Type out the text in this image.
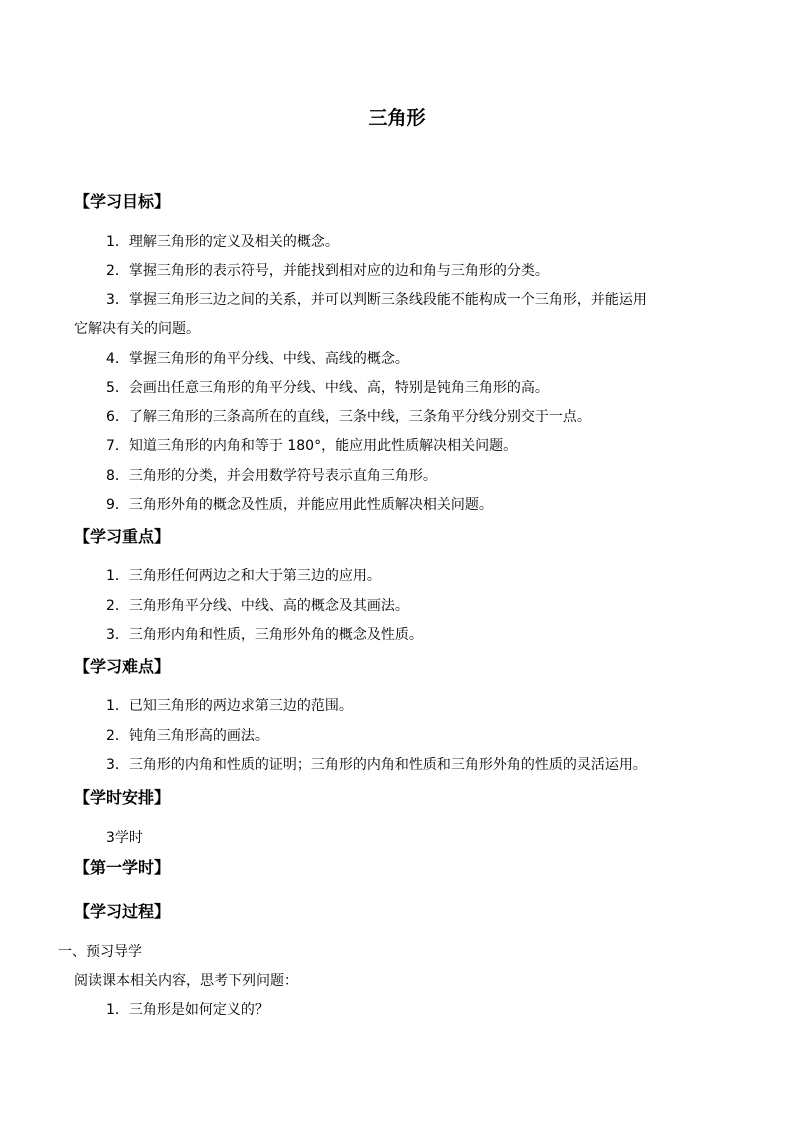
三角形
【学习目标】

1．理解三角形的定义及相关的概念。

2．掌握三角形的表示符号，并能找到相对应的边和角与三角形的分类。

3．掌握三角形三边之间的关系，并可以判断三条线段能不能构成一个三角形，并能运用

它解决有关的问题。

4．掌握三角形的角平分线、中线、高线的概念。

5．会画出任意三角形的角平分线、中线、高，特别是钝角三角形的高。

6．了解三角形的三条高所在的直线，三条中线，三条角平分线分别交于一点。

7．知道三角形的内角和等于 180°，能应用此性质解决相关问题。

8．三角形的分类，并会用数学符号表示直角三角形。

9．三角形外角的概念及性质，并能应用此性质解决相关问题。

【学习重点】

1．三角形任何两边之和大于第三边的应用。

2．三角形角平分线、中线、高的概念及其画法。

3．三角形内角和性质，三角形外角的概念及性质。

【学习难点】

1．已知三角形的两边求第三边的范围。

2．钝角三角形高的画法。

3．三角形的内角和性质的证明；三角形的内角和性质和三角形外角的性质的灵活运用。

【学时安排】

3学时

【第一学时】
【学习过程】

一、预习导学

阅读课本相关内容，思考下列问题：

1．三角形是如何定义的？
